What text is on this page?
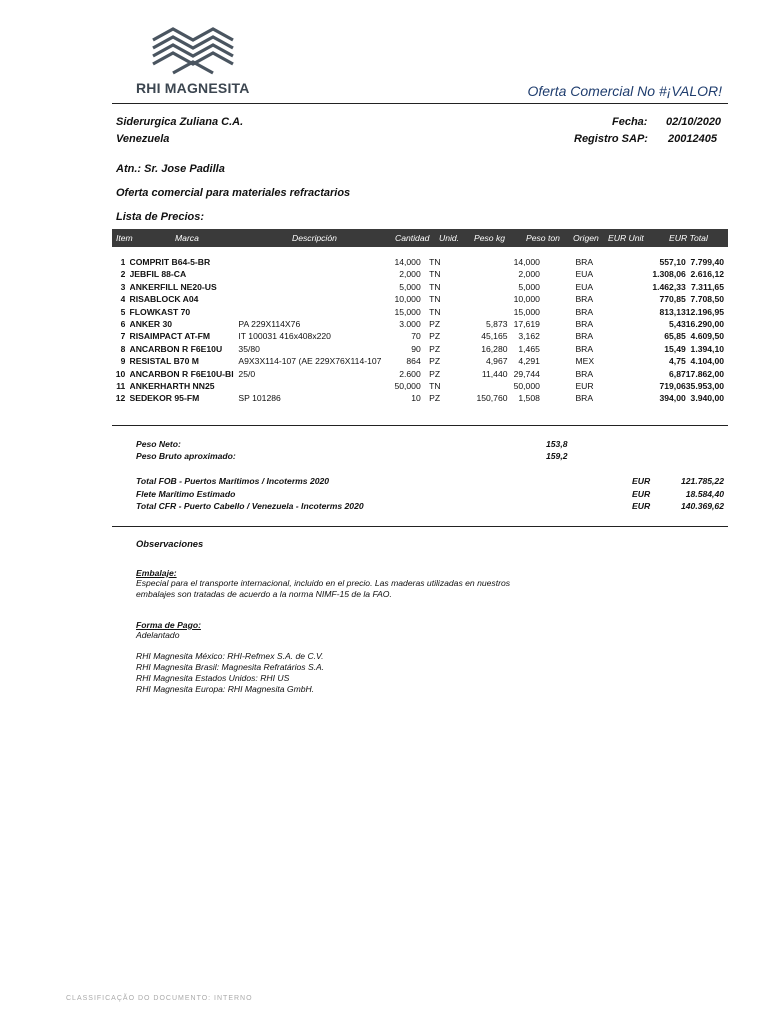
RHI MAGNESITA	Oferta Comercial No #¡VALOR!
Siderurgica Zuliana C.A.
Venezuela
Fecha: 02/10/2020
Registro SAP: 20012405
Atn.: Sr. Jose Padilla
Oferta comercial para materiales refractarios
Lista de Precios:
Item	Marca	Descripción	Cantidad Unid. Peso kg Peso ton Origen EUR Unit	EUR Total
1		COMPRIT B64-5-BR		14,000		TN			14,000		BRA	557,10	7.799,40
2		JEBFIL 88-CA		2,000		TN			2,000		EUA	1.308,06	2.616,12
3		ANKERFILL NE20-US		5,000		TN			5,000		EUA	1.462,33	7.311,65
4		RISABLOCK A04		10,000		TN			10,000		BRA	770,85	7.708,50
5		FLOWKAST 70		15,000		TN			15,000		BRA	813,13	12.196,95
6		ANKER 30	PA 229X114X76	3.000		PZ	5,873		17,619		BRA	5,43	16.290,00
7		RISAIMPACT AT-FM	IT 100031 416x408x220	70		PZ	45,165		3,162		BRA	65,85	4.609,50
8		ANCARBON R F6E10U	35/80	90		PZ	16,280		1,465		BRA	15,49	1.394,10
9		RESISTAL B70 M	A9X3X114-107 (AE 229X76X114-107	864		PZ	4,967		4,291		MEX	4,75	4.104,00
10		ANCARBON R F6E10U-BI	25/0	2.600		PZ	11,440		29,744		BRA	6,87	17.862,00
11		ANKERHARTH NN25		50,000		TN			50,000		EUR	719,06	35.953,00
12		SEDEKOR 95-FM	SP 101286	10		PZ	150,760		1,508		BRA	394,00	3.940,00
Peso Neto:	153,8
Peso Bruto aproximado:	159,2
Total FOB - Puertos Marítimos / Incoterms 2020	EUR	121.785,22
Flete Marítimo Estimado	EUR	18.584,40
Total CFR - Puerto Cabello / Venezuela - Incoterms 2020	EUR	140.369,62
Observaciones
Embalaje:
Especial para el transporte internacional, incluido en el precio. Las maderas utilizadas en nuestros
embalajes son tratadas de acuerdo a la norma NIMF-15 de la FAO.
Forma de Pago:
Adelantado
RHI Magnesita México: RHI-Refmex S.A. de C.V.
RHI Magnesita Brasil: Magnesita Refratários S.A.
RHI Magnesita Estados Unidos: RHI US
RHI Magnesita Europa: RHI Magnesita GmbH.
CLASSIFICAÇÃO DO DOCUMENTO: INTERNO
